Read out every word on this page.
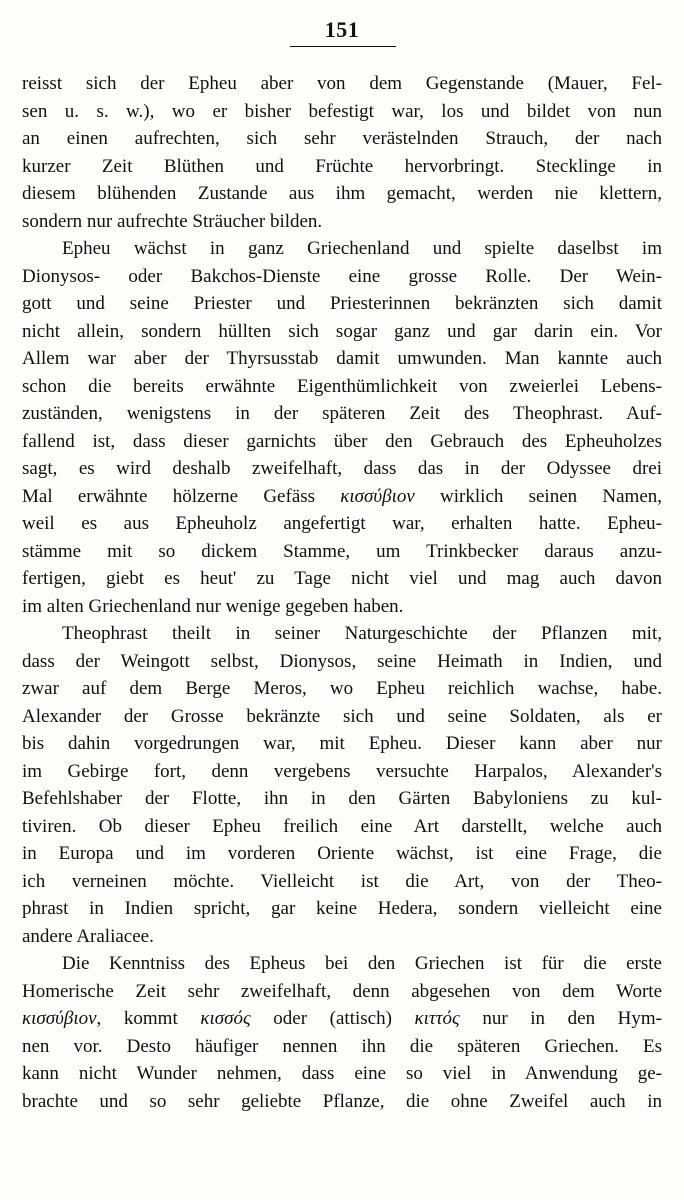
151
reisst sich der Epheu aber von dem Gegenstande (Mauer, Fel-
sen u. s. w.), wo er bisher befestigt war, los und bildet von nun
an einen aufrechten, sich sehr verästelnden Strauch, der nach
kurzer Zeit Blüthen und Früchte hervorbringt. Stecklinge in
diesem blühenden Zustande aus ihm gemacht, werden nie klettern,
sondern nur aufrechte Sträucher bilden.
Epheu wächst in ganz Griechenland und spielte daselbst im
Dionysos- oder Bakchos-Dienste eine grosse Rolle. Der Wein-
gott und seine Priester und Priesterinnen bekränzten sich damit
nicht allein, sondern hüllten sich sogar ganz und gar darin ein. Vor
Allem war aber der Thyrsusstab damit umwunden. Man kannte auch
schon die bereits erwähnte Eigenthümlichkeit von zweierlei Lebens-
zuständen, wenigstens in der späteren Zeit des Theophrast. Auf-
fallend ist, dass dieser garnichts über den Gebrauch des Epheuholzes
sagt, es wird deshalb zweifelhaft, dass das in der Odyssee drei
Mal erwähnte hölzerne Gefäss κισσύβιον wirklich seinen Namen,
weil es aus Epheuholz angefertigt war, erhalten hatte. Epheu-
stämme mit so dickem Stamme, um Trinkbecker daraus anzu-
fertigen, giebt es heut' zu Tage nicht viel und mag auch davon
im alten Griechenland nur wenige gegeben haben.
Theophrast theilt in seiner Naturgeschichte der Pflanzen mit,
dass der Weingott selbst, Dionysos, seine Heimath in Indien, und
zwar auf dem Berge Meros, wo Epheu reichlich wachse, habe.
Alexander der Grosse bekränzte sich und seine Soldaten, als er
bis dahin vorgedrungen war, mit Epheu. Dieser kann aber nur
im Gebirge fort, denn vergebens versuchte Harpalos, Alexander's
Befehlshaber der Flotte, ihn in den Gärten Babyloniens zu kul-
tiviren. Ob dieser Epheu freilich eine Art darstellt, welche auch
in Europa und im vorderen Oriente wächst, ist eine Frage, die
ich verneinen möchte. Vielleicht ist die Art, von der Theo-
phrast in Indien spricht, gar keine Hedera, sondern vielleicht eine
andere Araliacee.
Die Kenntniss des Epheus bei den Griechen ist für die erste
Homerische Zeit sehr zweifelhaft, denn abgesehen von dem Worte
κισσύβιον, kommt κισσός oder (attisch) κιττός nur in den Hym-
nen vor. Desto häufiger nennen ihn die späteren Griechen. Es
kann nicht Wunder nehmen, dass eine so viel in Anwendung ge-
brachte und so sehr geliebte Pflanze, die ohne Zweifel auch in
